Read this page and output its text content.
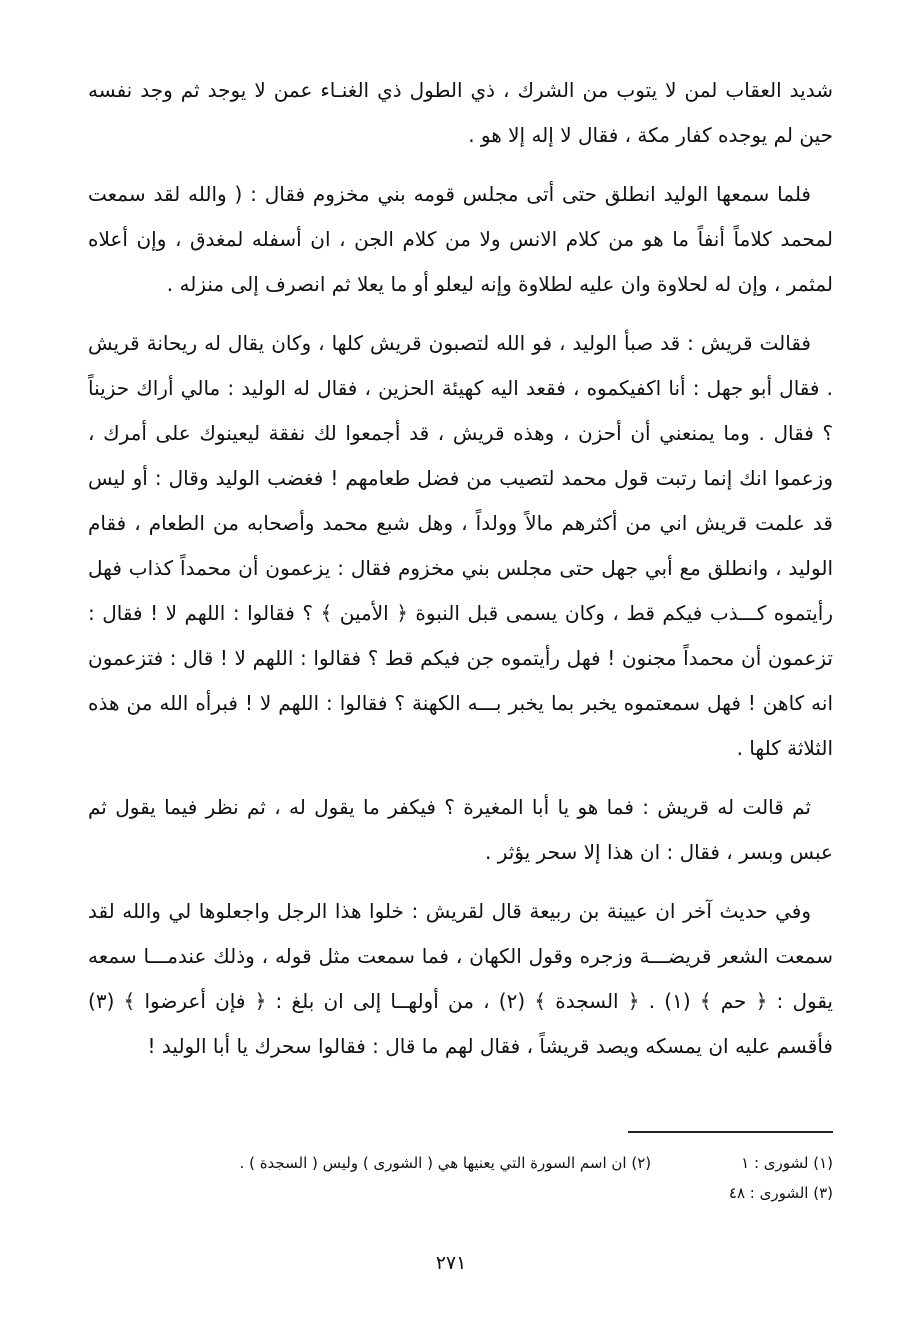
شديد العقاب لمن لا يتوب من الشرك ، ذي الطول ذي الغنـاء عمن لا يوجد ثم وجد نفسه حين لم يوجده كفار مكة ، فقال لا إله إلا هو .

فلما سمعها الوليد انطلق حتى أتى مجلس قومه بني مخزوم فقال : ( والله لقد سمعت لمحمد كلاماً أنفاً ما هو من كلام الانس ولا من كلام الجن ، ان أسفله لمغدق ، وإن أعلاه لمثمر ، وإن له لحلاوة وان عليه لطلاوة وإنه ليعلو أو ما يعلا ثم انصرف إلى منزله .

فقالت قريش : قد صبأ الوليد ، فو الله لتصبون قريش كلها ، وكان يقال له ريحانة قريش . فقال أبو جهل : أنا اكفيكموه ، فقعد اليه كهيئة الحزين ، فقال له الوليد : مالي أراك حزيناً ؟ فقال . وما يمنعني أن أحزن ، وهذه قريش ، قد أجمعوا لك نفقة ليعينوك على أمرك ، وزعموا انك إنما رتبت قول محمد لتصيب من فضل طعامهم ! فغضب الوليد وقال : أو ليس قد علمت قريش اني من أكثرهم مالاً وولداً ، وهل شبع محمد وأصحابه من الطعام ، فقام الوليد ، وانطلق مع أبي جهل حتى مجلس بني مخزوم فقال : يزعمون أن محمداً كذاب فهل رأيتموه كـــذب فيكم قط ، وكان يسمى قبل النبوة ﴿ الأمين ﴾ ؟ فقالوا : اللهم لا ! فقال : تزعمون أن محمداً مجنون ! فهل رأيتموه جن فيكم قط ؟ فقالوا : اللهم لا ! قال : فتزعمون انه كاهن ! فهل سمعتموه يخبر بما يخبر بـــه الكهنة ؟ فقالوا : اللهم لا ! فبرأه الله من هذه الثلاثة كلها .

ثم قالت له قريش : فما هو يا أبا المغيرة ؟ فيكفر ما يقول له ، ثم نظر فيما يقول ثم عبس وبسر ، فقال : ان هذا إلا سحر يؤثر .

وفي حديث آخر ان عيينة بن ربيعة قال لقريش : خلوا هذا الرجل واجعلوها لي والله لقد سمعت الشعر قريضـــة وزجره وقول الكهان ، فما سمعت مثل قوله ، وذلك عندمـــا سمعه يقول : ﴿ حم ﴾ (١) . ﴿ السجدة ﴾ (٢) ، من أولهــا إلى ان بلغ : ﴿ فإن أعرضوا ﴾ (٣) فأقسم عليه ان يمسكه ويصد قريشاً ، فقال لهم ما قال : فقالوا سحرك يا أبا الوليد !

(١) لشورى : ١
(٢) ان اسم السورة التي يعنيها هي ( الشورى ) وليس ( السجدة ) .
(٣) الشورى : ٤٨
٢٧١
